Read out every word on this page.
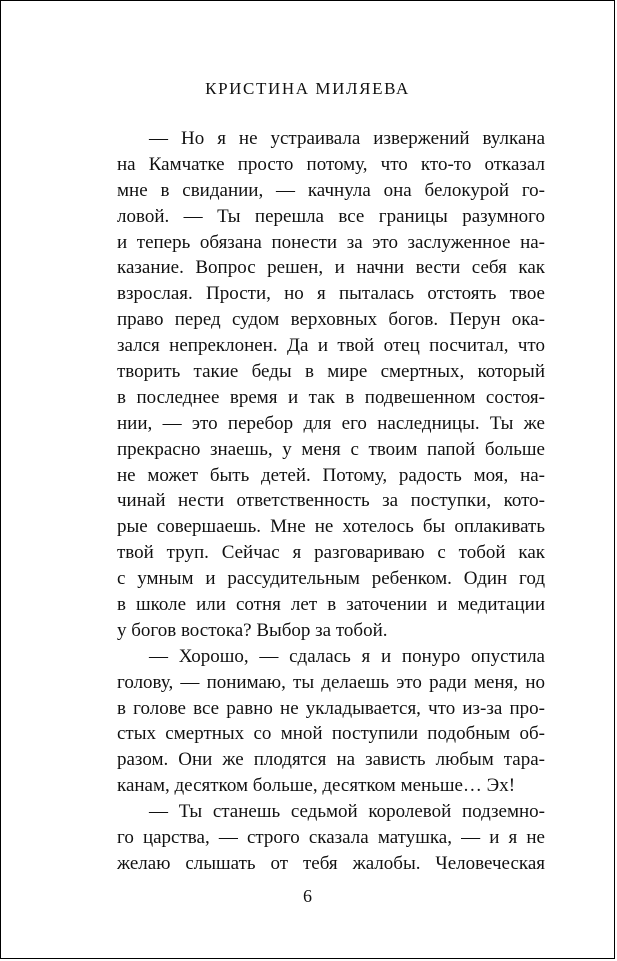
КРИСТИНА МИЛЯЕВА
— Но я не устраивала извержений вулкана
на Камчатке просто потому, что кто-то отказал
мне в свидании, — качнула она белокурой го-
ловой. — Ты перешла все границы разумного
и теперь обязана понести за это заслуженное на-
казание. Вопрос решен, и начни вести себя как
взрослая. Прости, но я пыталась отстоять твое
право перед судом верховных богов. Перун ока-
зался непреклонен. Да и твой отец посчитал, что
творить такие беды в мире смертных, который
в последнее время и так в подвешенном состоя-
нии, — это перебор для его наследницы. Ты же
прекрасно знаешь, у меня с твоим папой больше
не может быть детей. Потому, радость моя, на-
чинай нести ответственность за поступки, кото-
рые совершаешь. Мне не хотелось бы оплакивать
твой труп. Сейчас я разговариваю с тобой как
с умным и рассудительным ребенком. Один год
в школе или сотня лет в заточении и медитации
у богов востока? Выбор за тобой.
— Хорошо, — сдалась я и понуро опустила
голову, — понимаю, ты делаешь это ради меня, но
в голове все равно не укладывается, что из-за про-
стых смертных со мной поступили подобным об-
разом. Они же плодятся на зависть любым тара-
канам, десятком больше, десятком меньше… Эх!
— Ты станешь седьмой королевой подземно-
го царства, — строго сказала матушка, — и я не
желаю слышать от тебя жалобы. Человеческая
6
